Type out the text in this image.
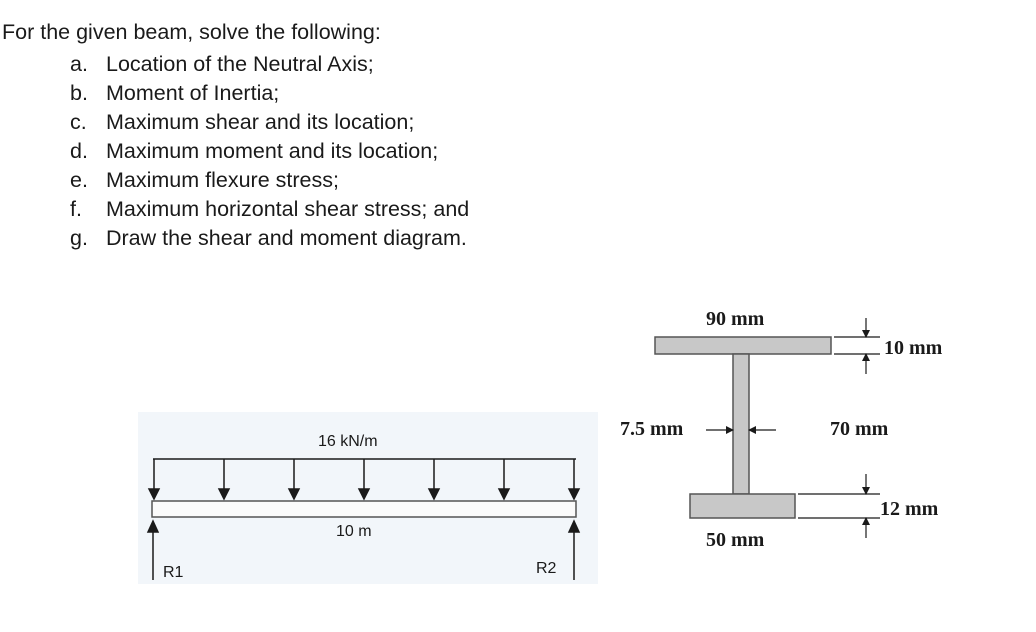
For the given beam, solve the following:
a. Location of the Neutral Axis;
b. Moment of Inertia;
c. Maximum shear and its location;
d. Maximum moment and its location;
e. Maximum flexure stress;
f. Maximum horizontal shear stress; and
g. Draw the shear and moment diagram.
16 kN/m
10 m
R1	R2
90 mm
50 mm
7.5 mm
10 mm
70 mm
12 mm
